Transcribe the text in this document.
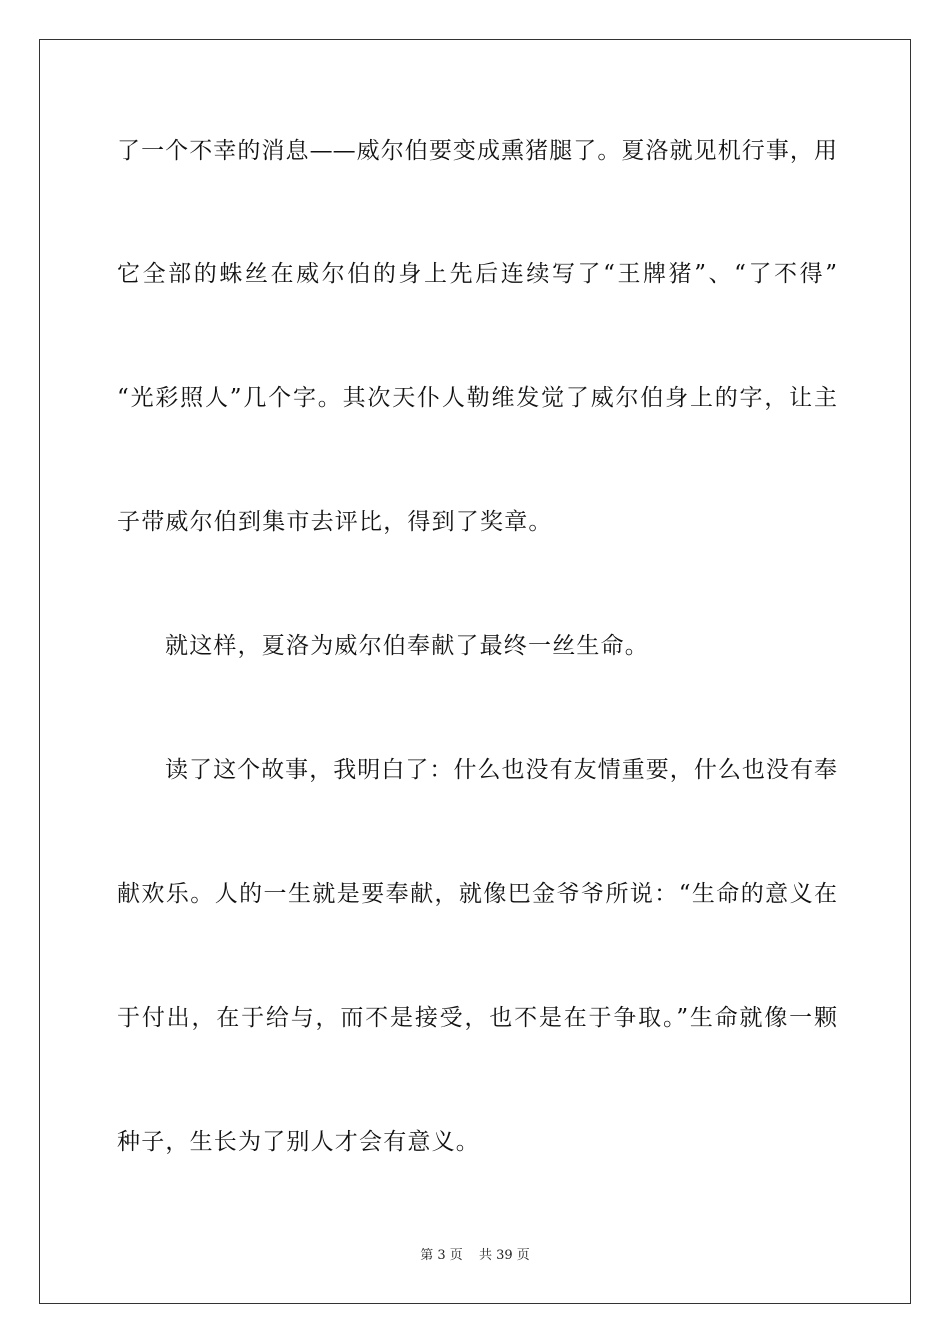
了一个不幸的消息——威尔伯要变成熏猪腿了。夏洛就见机行事，用
它全部的蛛丝在威尔伯的身上先后连续写了“王牌猪”、“了不得”
“光彩照人”几个字。其次天仆人勒维发觉了威尔伯身上的字，让主
子带威尔伯到集市去评比，得到了奖章。
就这样，夏洛为威尔伯奉献了最终一丝生命。
读了这个故事，我明白了：什么也没有友情重要，什么也没有奉
献欢乐。人的一生就是要奉献，就像巴金爷爷所说：“生命的意义在
于付出，在于给与，而不是接受，也不是在于争取。”生命就像一颗
种子，生长为了别人才会有意义。
第 3 页 共 39 页
